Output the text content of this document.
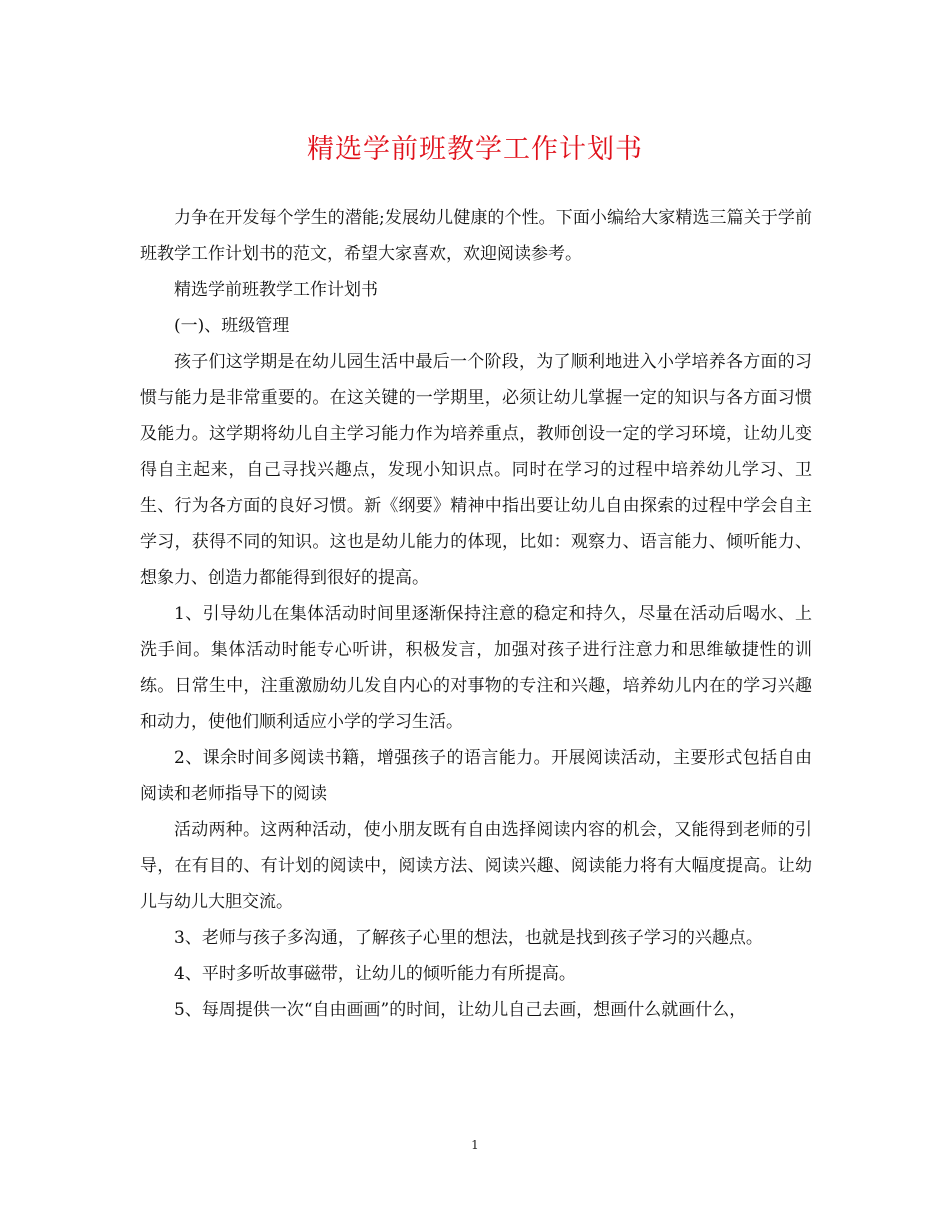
精选学前班教学工作计划书

力争在开发每个学生的潜能;发展幼儿健康的个性。下面小编给大家精选三篇关于学前班教学工作计划书的范文，希望大家喜欢，欢迎阅读参考。

精选学前班教学工作计划书

(一)、班级管理

孩子们这学期是在幼儿园生活中最后一个阶段，为了顺利地进入小学培养各方面的习惯与能力是非常重要的。在这关键的一学期里，必须让幼儿掌握一定的知识与各方面习惯及能力。这学期将幼儿自主学习能力作为培养重点，教师创设一定的学习环境，让幼儿变得自主起来，自己寻找兴趣点，发现小知识点。同时在学习的过程中培养幼儿学习、卫生、行为各方面的良好习惯。新《纲要》精神中指出要让幼儿自由探索的过程中学会自主学习，获得不同的知识。这也是幼儿能力的体现，比如：观察力、语言能力、倾听能力、想象力、创造力都能得到很好的提高。

1、引导幼儿在集体活动时间里逐渐保持注意的稳定和持久，尽量在活动后喝水、上洗手间。集体活动时能专心听讲，积极发言，加强对孩子进行注意力和思维敏捷性的训练。日常生中，注重激励幼儿发自内心的对事物的专注和兴趣，培养幼儿内在的学习兴趣和动力，使他们顺利适应小学的学习生活。

2、课余时间多阅读书籍，增强孩子的语言能力。开展阅读活动，主要形式包括自由阅读和老师指导下的阅读

活动两种。这两种活动，使小朋友既有自由选择阅读内容的机会，又能得到老师的引导，在有目的、有计划的阅读中，阅读方法、阅读兴趣、阅读能力将有大幅度提高。让幼儿与幼儿大胆交流。

3、老师与孩子多沟通，了解孩子心里的想法，也就是找到孩子学习的兴趣点。

4、平时多听故事磁带，让幼儿的倾听能力有所提高。

5、每周提供一次“自由画画”的时间，让幼儿自己去画，想画什么就画什么，

1
